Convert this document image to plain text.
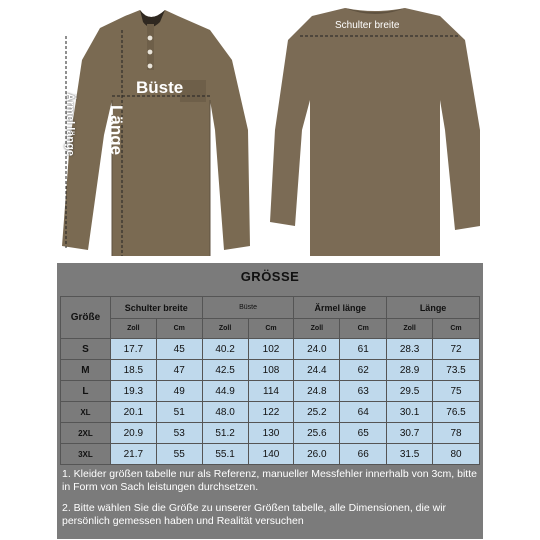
Büste
Länge
Ärmel länge
Schulter breite
GRÖSSE
Größe	Schulter breite		Büste		Ärmel länge		Länge	
	Zoll	Cm	Zoll	Cm	Zoll	Cm	Zoll	Cm
S	17.7	45	40.2	102	24.0	61	28.3	72
M	18.5	47	42.5	108	24.4	62	28.9	73.5
L	19.3	49	44.9	114	24.8	63	29.5	75
XL	20.1	51	48.0	122	25.2	64	30.1	76.5
2XL	20.9	53	51.2	130	25.6	65	30.7	78
3XL	21.7	55	55.1	140	26.0	66	31.5	80

1. Kleider größen tabelle nur als Referenz, manueller Messfehler innerhalb von 3cm, bitte in Form von Sach leistungen durchsetzen.

2. Bitte wählen Sie die Größe zu unserer Größen tabelle, alle Dimensionen, die wir persönlich gemessen haben und Realität versuchen
